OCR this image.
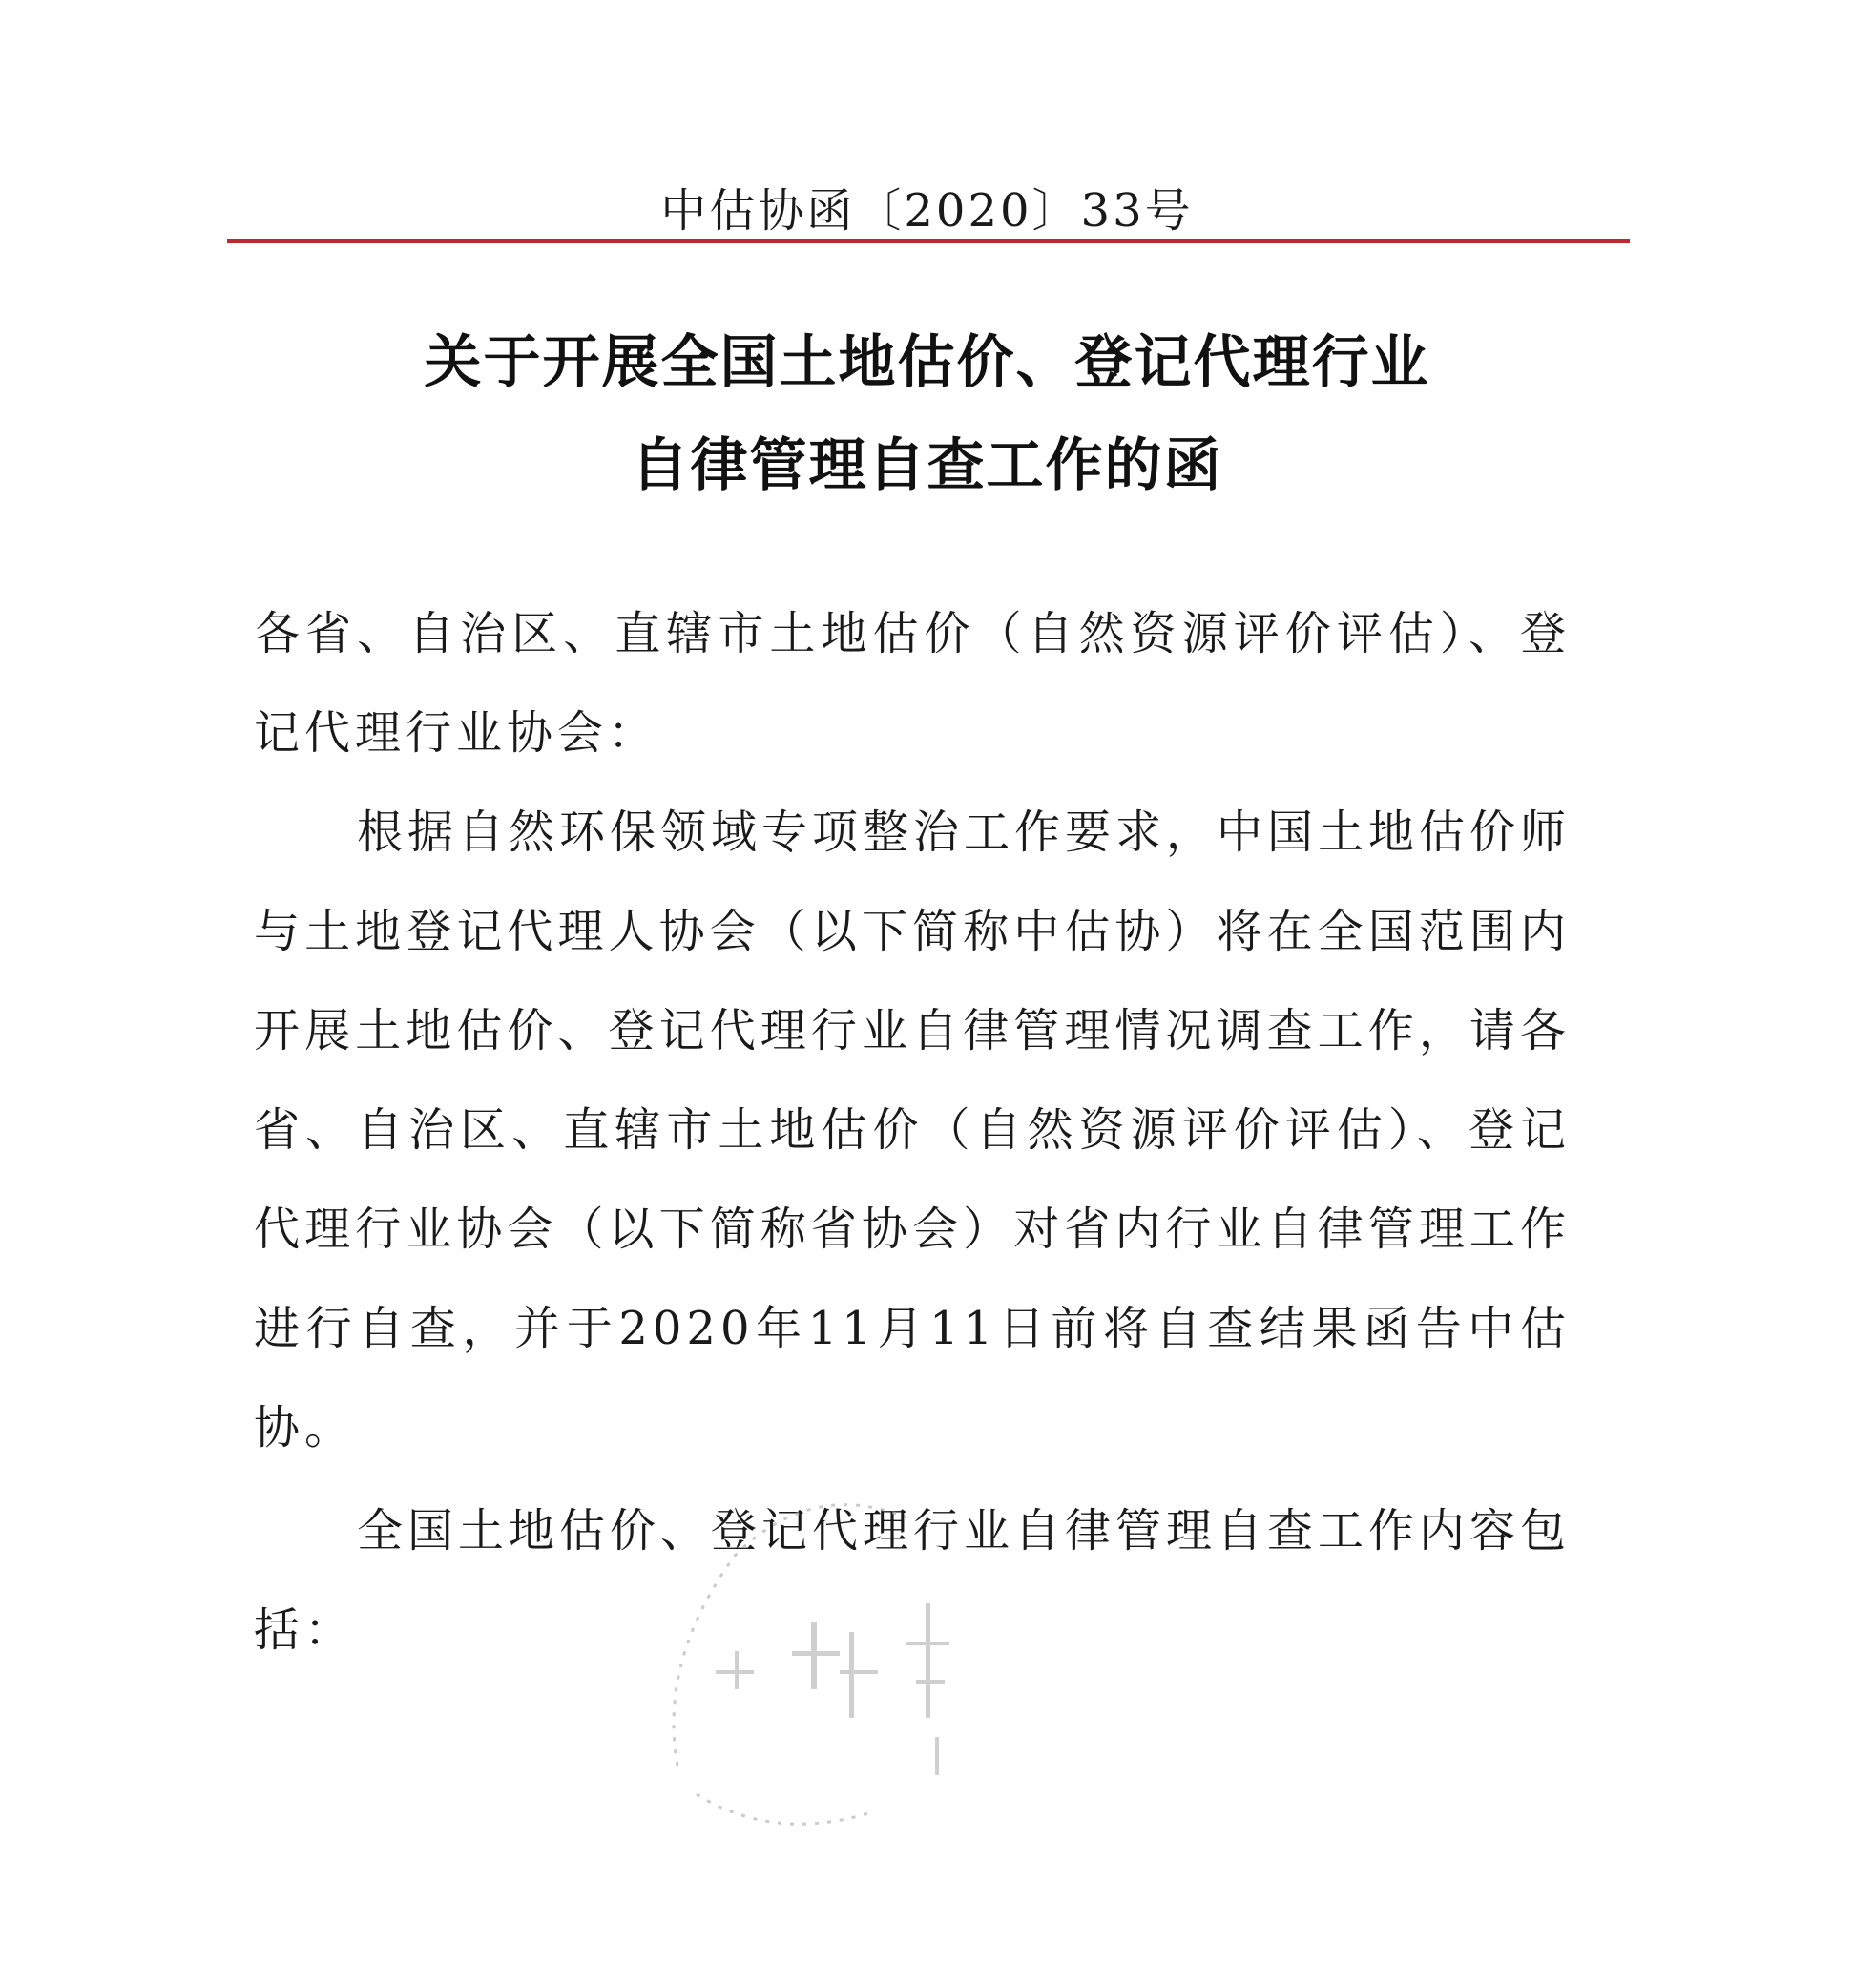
中估协函〔2020〕33号
关于开展全国土地估价、登记代理行业
自律管理自查工作的函

各省、自治区、直辖市土地估价（自然资源评价评估）、登记代理行业协会：

根据自然环保领域专项整治工作要求，中国土地估价师与土地登记代理人协会（以下简称中估协）将在全国范围内开展土地估价、登记代理行业自律管理情况调查工作，请各省、自治区、直辖市土地估价（自然资源评价评估）、登记代理行业协会（以下简称省协会）对省内行业自律管理工作进行自查，并于2020年11月11日前将自查结果函告中估协。

全国土地估价、登记代理行业自律管理自查工作内容包括：
